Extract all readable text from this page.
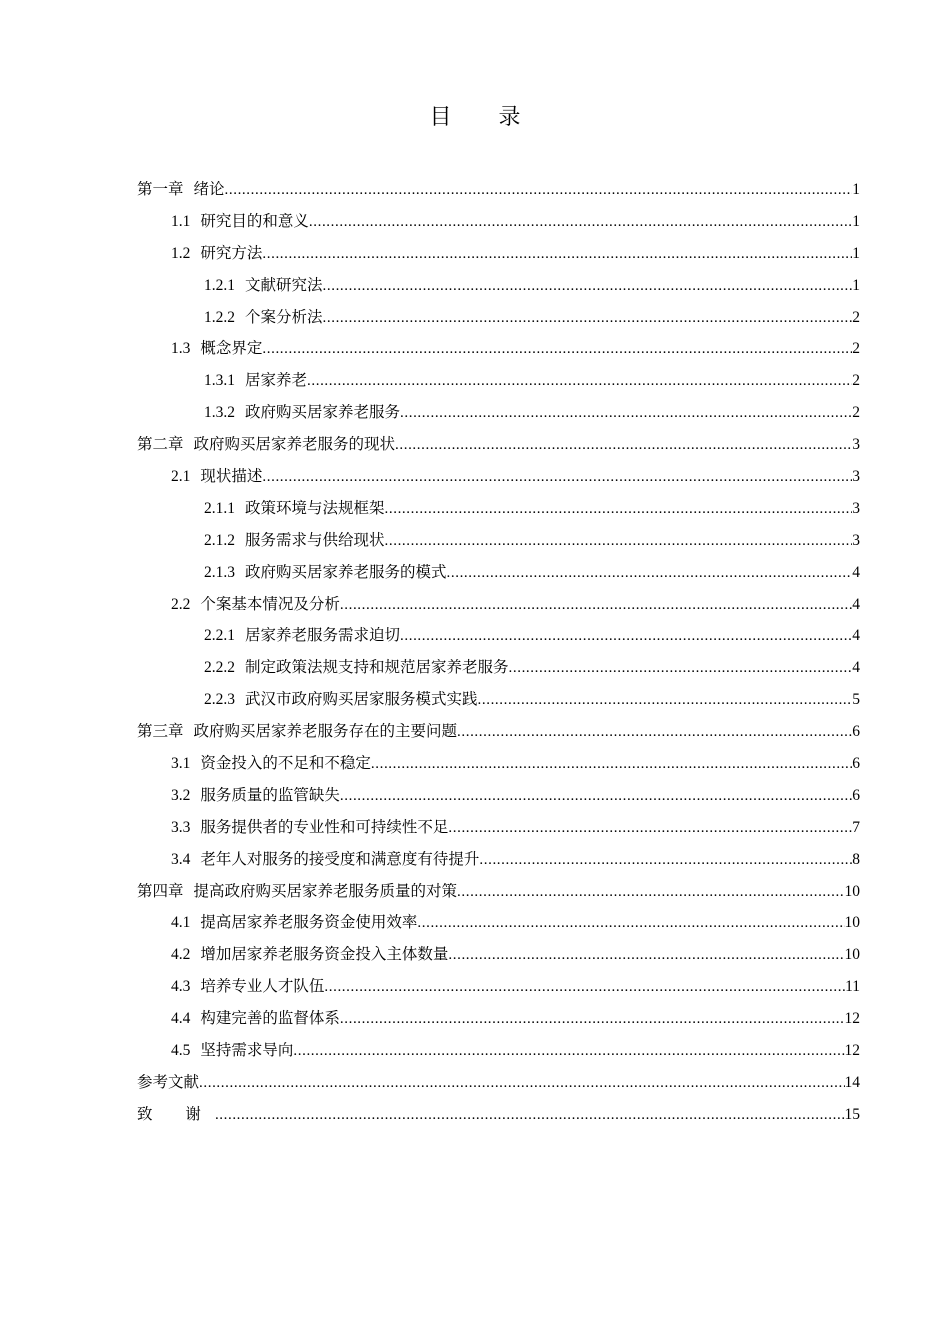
目 录
第一章 绪论 .....	1
1.1 研究目的和意义 .....	1
1.2 研究方法 .....	1
1.2.1 文献研究法 .....	1
1.2.2 个案分析法 .....	2
1.3 概念界定 .....	2
1.3.1 居家养老 .....	2
1.3.2 政府购买居家养老服务 .....	2
第二章 政府购买居家养老服务的现状 .....	3
2.1 现状描述 .....	3
2.1.1 政策环境与法规框架 .....	3
2.1.2 服务需求与供给现状 .....	3
2.1.3 政府购买居家养老服务的模式 .....	4
2.2 个案基本情况及分析 .....	4
2.2.1 居家养老服务需求迫切 .....	4
2.2.2 制定政策法规支持和规范居家养老服务 .....	4
2.2.3 武汉市政府购买居家服务模式实践 .....	5
第三章 政府购买居家养老服务存在的主要问题 .....	6
3.1 资金投入的不足和不稳定 .....	6
3.2 服务质量的监管缺失 .....	6
3.3 服务提供者的专业性和可持续性不足 .....	7
3.4 老年人对服务的接受度和满意度有待提升 .....	8
第四章 提高政府购买居家养老服务质量的对策 .....	10
4.1 提高居家养老服务资金使用效率 .....	10
4.2 增加居家养老服务资金投入主体数量 .....	10
4.3 培养专业人才队伍 .....	11
4.4 构建完善的监督体系 .....	12
4.5 坚持需求导向 .....	12
参考文献 .....	14
致 谢 .....	15
